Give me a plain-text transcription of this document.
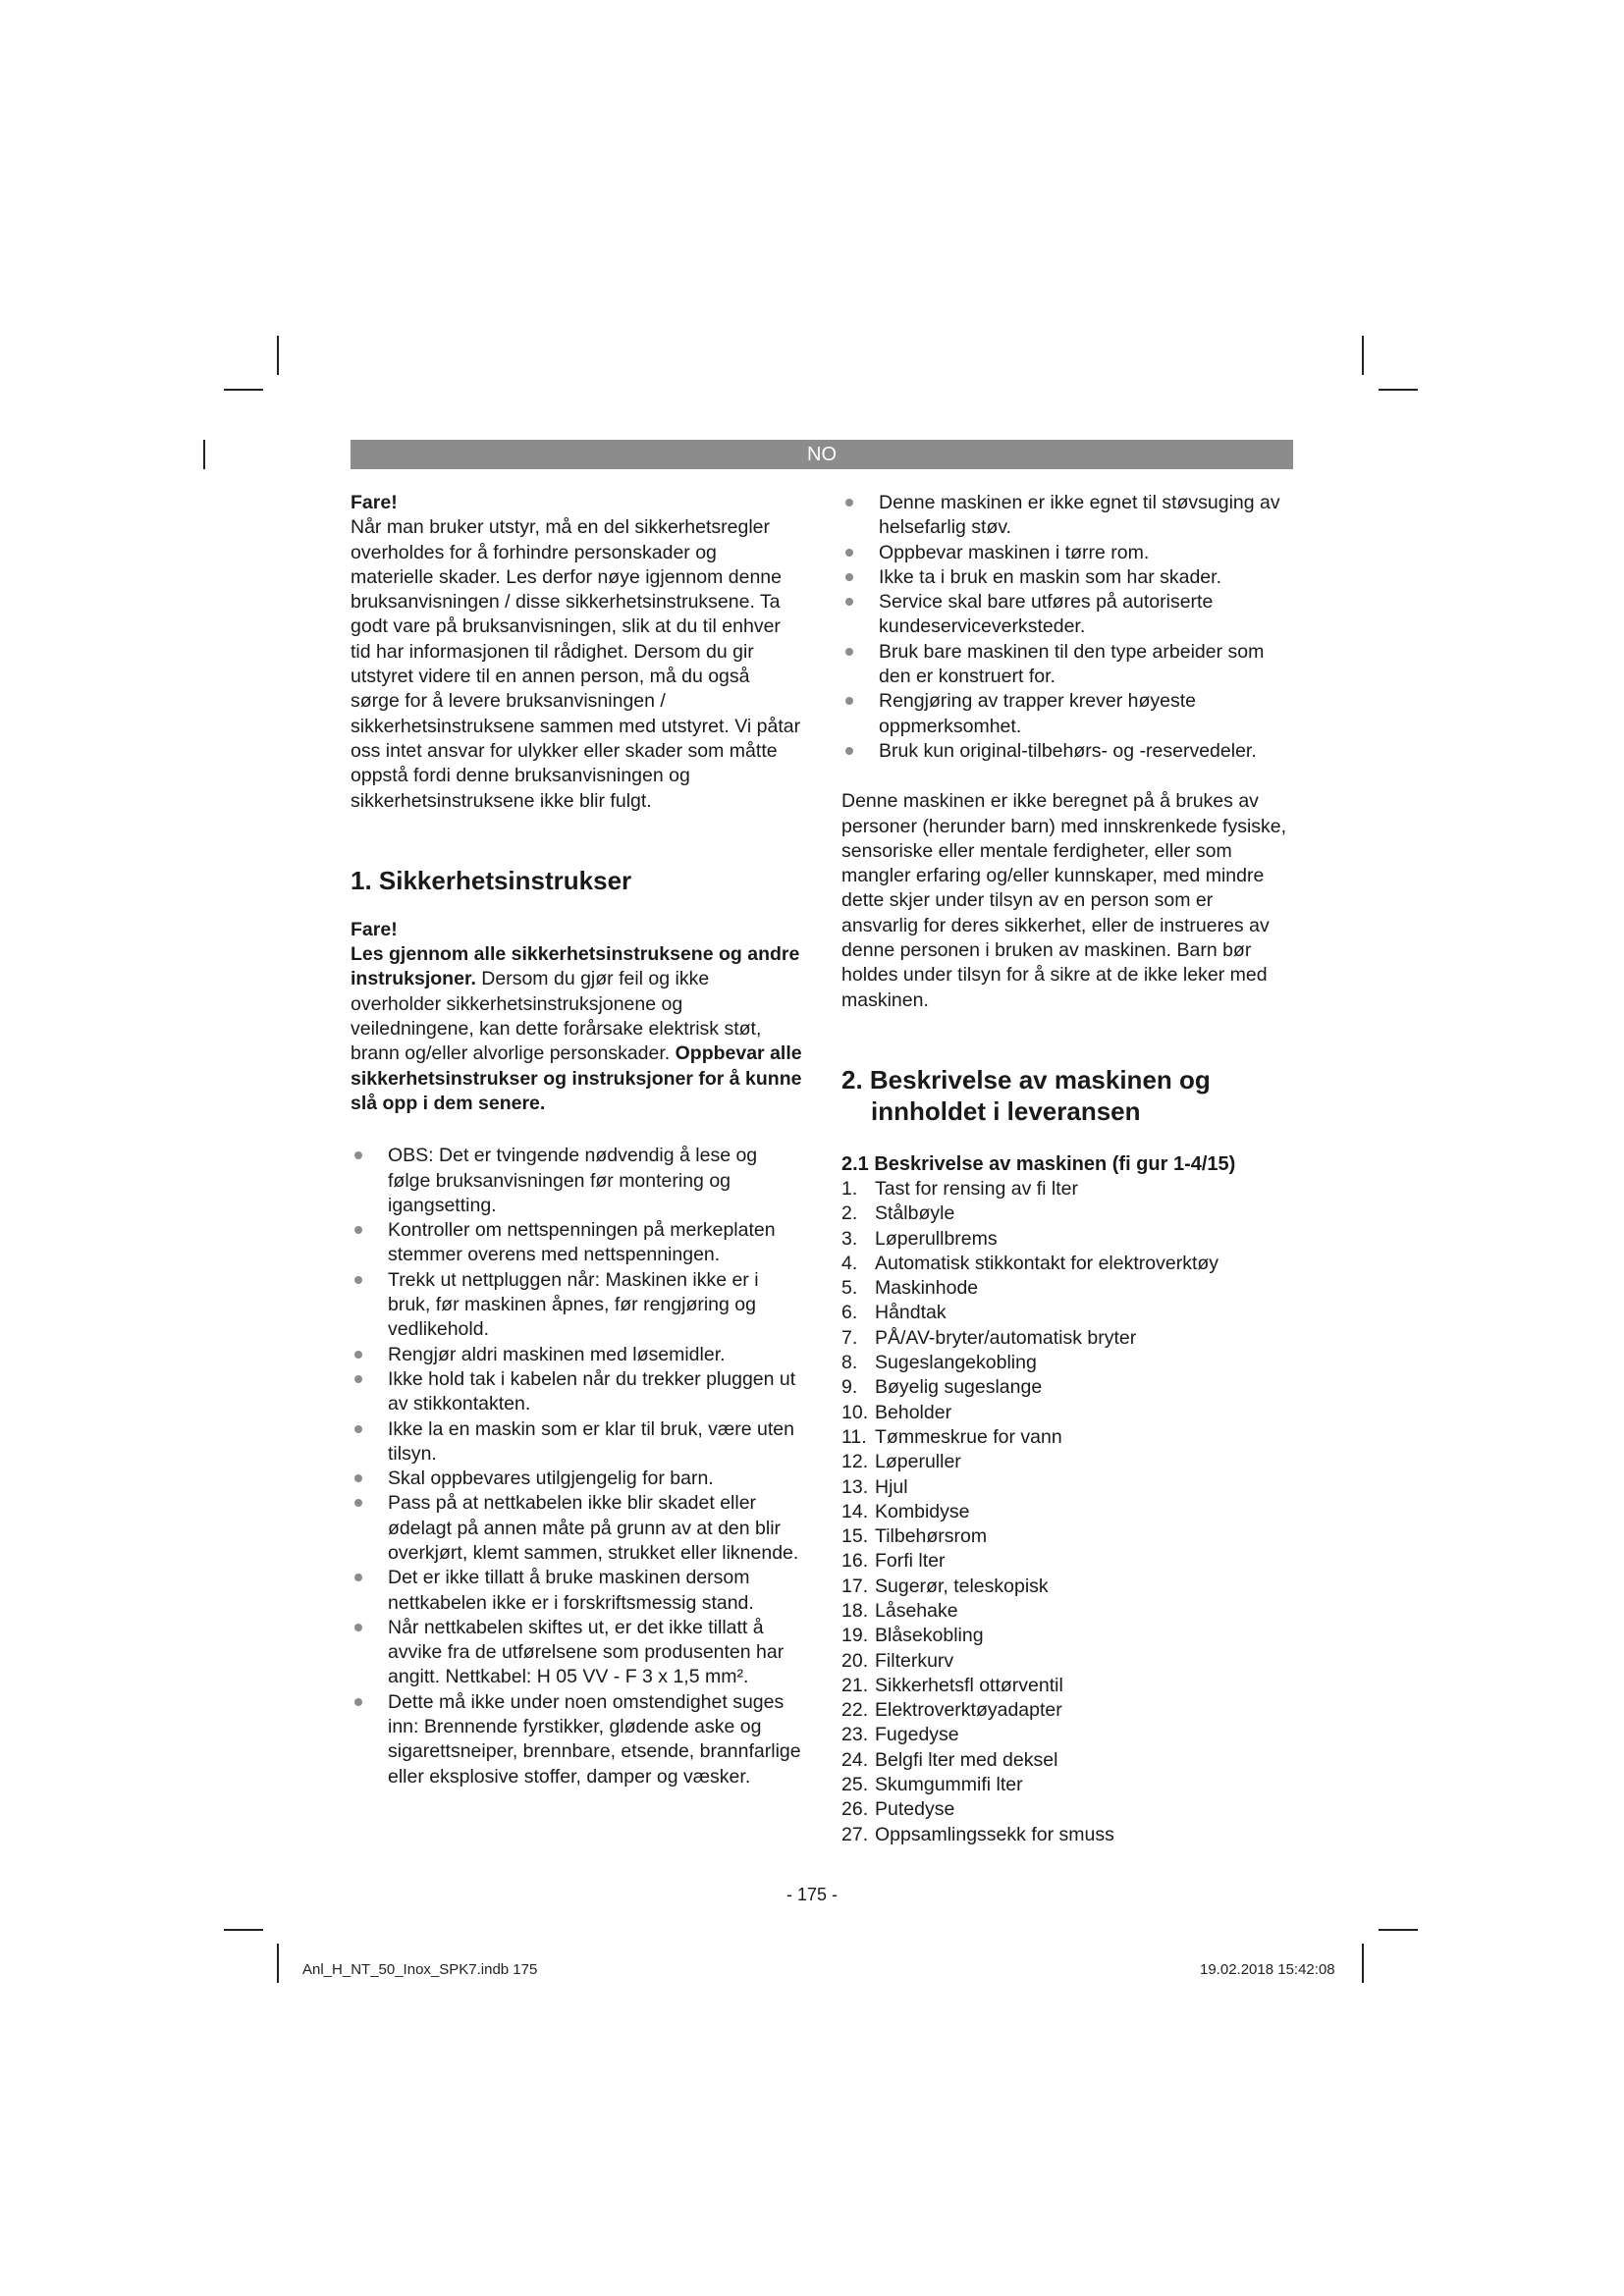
NO

Fare!

Når man bruker utstyr, må en del sikkerhetsregler overholdes for å forhindre personskader og materielle skader. Les derfor nøye igjennom denne bruksanvisningen / disse sikkerhetsinstruksene. Ta godt vare på bruksanvisningen, slik at du til enhver tid har informasjonen til rådighet. Dersom du gir utstyret videre til en annen person, må du også sørge for å levere bruksanvisningen / sikkerhetsinstruksene sammen med utstyret. Vi påtar oss intet ansvar for ulykker eller skader som måtte oppstå fordi denne bruksanvisningen og sikkerhetsinstruksene ikke blir fulgt.

1. Sikkerhetsinstrukser

Fare!

Les gjennom alle sikkerhetsinstruksene og andre instruksjoner. Dersom du gjør feil og ikke overholder sikkerhetsinstruksjonene og veiledningene, kan dette forårsake elektrisk støt, brann og/eller alvorlige personskader. Oppbevar alle sikkerhetsinstrukser og instruksjoner for å kunne slå opp i dem senere.

OBS: Det er tvingende nødvendig å lese og følge bruksanvisningen før montering og igangsetting.
Kontroller om nettspenningen på merkeplaten stemmer overens med nettspenningen.
Trekk ut nettpluggen når: Maskinen ikke er i bruk, før maskinen åpnes, før rengjøring og vedlikehold.
Rengjør aldri maskinen med løsemidler.
Ikke hold tak i kabelen når du trekker pluggen ut av stikkontakten.
Ikke la en maskin som er klar til bruk, være uten tilsyn.
Skal oppbevares utilgjengelig for barn.
Pass på at nettkabelen ikke blir skadet eller ødelagt på annen måte på grunn av at den blir overkjørt, klemt sammen, strukket eller liknende.
Det er ikke tillatt å bruke maskinen dersom nettkabelen ikke er i forskriftsmessig stand.
Når nettkabelen skiftes ut, er det ikke tillatt å avvike fra de utførelsene som produsenten har angitt. Nettkabel: H 05 VV - F 3 x 1,5 mm².
Dette må ikke under noen omstendighet suges inn: Brennende fyrstikker, glødende aske og sigarettsneiper, brennbare, etsende, brannfarlige eller eksplosive stoffer, damper og væsker.
Denne maskinen er ikke egnet til støvsuging av helsefarlig støv.
Oppbevar maskinen i tørre rom.
Ikke ta i bruk en maskin som har skader.
Service skal bare utføres på autoriserte kundeserviceverksteder.
Bruk bare maskinen til den type arbeider som den er konstruert for.
Rengjøring av trapper krever høyeste oppmerksomhet.
Bruk kun original-tilbehørs- og -reservedeler.

Denne maskinen er ikke beregnet på å brukes av personer (herunder barn) med innskrenkede fysiske, sensoriske eller mentale ferdigheter, eller som mangler erfaring og/eller kunnskaper, med mindre dette skjer under tilsyn av en person som er ansvarlig for deres sikkerhet, eller de instrueres av denne personen i bruken av maskinen. Barn bør holdes under tilsyn for å sikre at de ikke leker med maskinen.

2. Beskrivelse av maskinen og innholdet i leveransen

2.1 Beskrivelse av maskinen (fi gur 1-4/15)

1. Tast for rensing av fi lter
2. Stålbøyle
3. Løperullbrems
4. Automatisk stikkontakt for elektroverktøy
5. Maskinhode
6. Håndtak
7. PÅ/AV-bryter/automatisk bryter
8. Sugeslangekobling
9. Bøyelig sugeslange
10. Beholder
11. Tømmeskrue for vann
12. Løperuller
13. Hjul
14. Kombidyse
15. Tilbehørsrom
16. Forfi lter
17. Sugerør, teleskopisk
18. Låsehake
19. Blåsekobling
20. Filterkurv
21. Sikkerhetsfl ottørventil
22. Elektroverktøyadapter
23. Fugedyse
24. Belgfi lter med deksel
25. Skumgummifi lter
26. Putedyse
27. Oppsamlingssekk for smuss
- 175 -
Anl_H_NT_50_Inox_SPK7.indb 175	19.02.2018 15:42:08
